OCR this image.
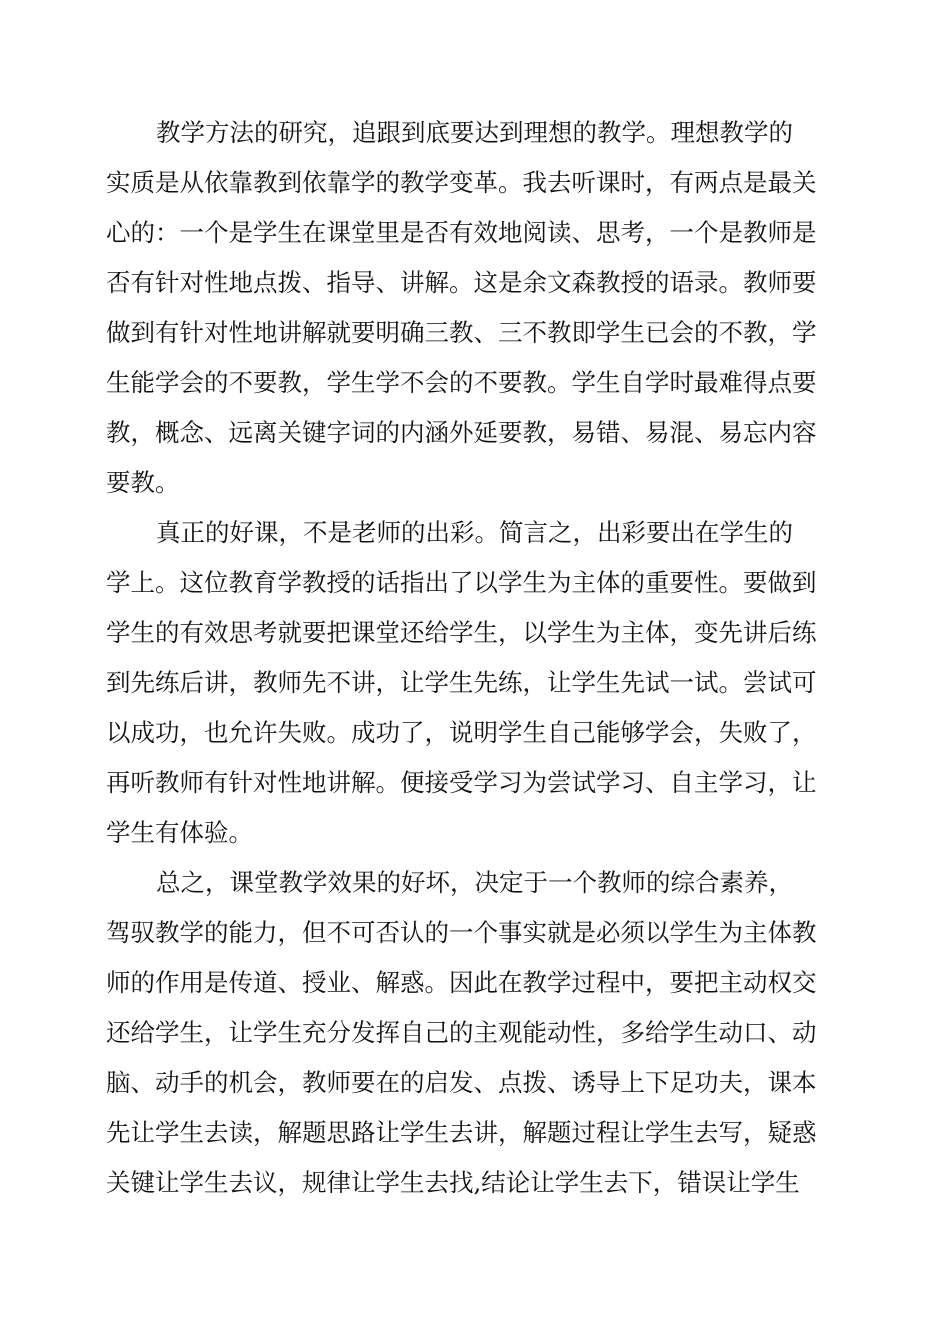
教学方法的研究，追跟到底要达到理想的教学。理想教学的
实质是从依靠教到依靠学的教学变革。我去听课时，有两点是最关
心的：一个是学生在课堂里是否有效地阅读、思考，一个是教师是
否有针对性地点拨、指导、讲解。这是余文森教授的语录。教师要
做到有针对性地讲解就要明确三教、三不教即学生已会的不教，学
生能学会的不要教，学生学不会的不要教。学生自学时最难得点要
教，概念、远离关键字词的内涵外延要教，易错、易混、易忘内容
要教。
真正的好课，不是老师的出彩。简言之，出彩要出在学生的
学上。这位教育学教授的话指出了以学生为主体的重要性。要做到
学生的有效思考就要把课堂还给学生，以学生为主体，变先讲后练
到先练后讲，教师先不讲，让学生先练，让学生先试一试。尝试可
以成功，也允许失败。成功了，说明学生自己能够学会，失败了，
再听教师有针对性地讲解。便接受学习为尝试学习、自主学习，让
学生有体验。
总之，课堂教学效果的好坏，决定于一个教师的综合素养，
驾驭教学的能力，但不可否认的一个事实就是必须以学生为主体教
师的作用是传道、授业、解惑。因此在教学过程中，要把主动权交
还给学生，让学生充分发挥自己的主观能动性，多给学生动口、动
脑、动手的机会，教师要在的启发、点拨、诱导上下足功夫，课本
先让学生去读，解题思路让学生去讲，解题过程让学生去写，疑惑
关键让学生去议，规律让学生去找,结论让学生去下，错误让学生
